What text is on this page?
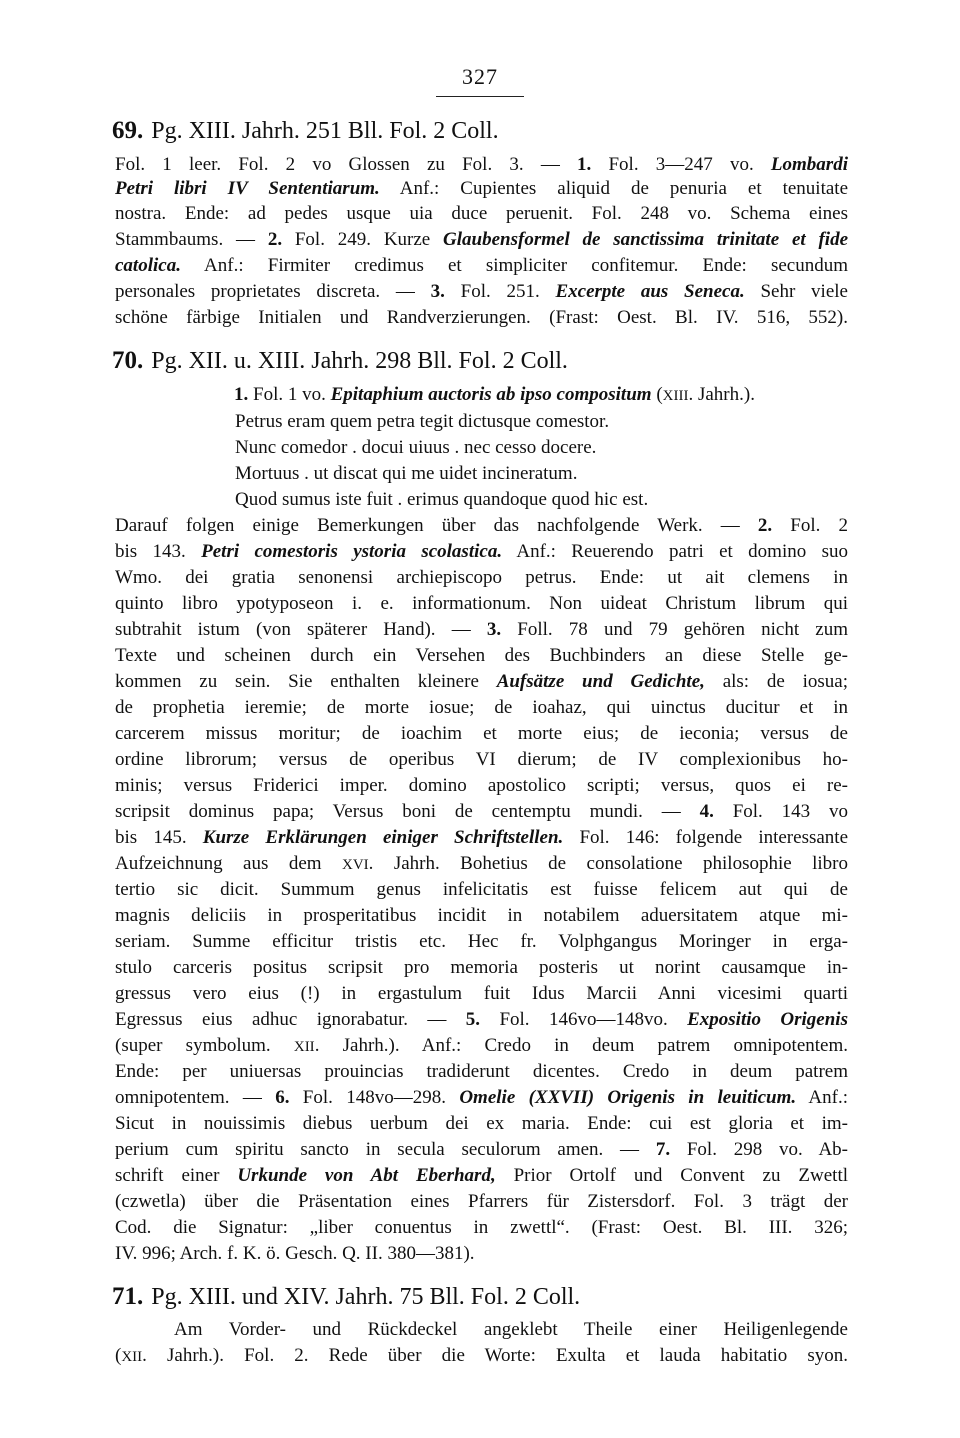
327
69. Pg. XIII. Jahrh. 251 Bll. Fol. 2 Coll.
Fol. 1 leer. Fol. 2 vo Glossen zu Fol. 3. — 1. Fol. 3—247 vo. Lombardi
Petri libri IV Sententiarum. Anf.: Cupientes aliquid de penuria et tenuitate
nostra. Ende: ad pedes usque uia duce peruenit. Fol. 248 vo. Schema eines
Stammbaums. — 2. Fol. 249. Kurze Glaubensformel de sanctissima trinitate et fide
catolica. Anf.: Firmiter credimus et simpliciter confitemur. Ende: secundum
personales proprietates discreta. — 3. Fol. 251. Excerpte aus Seneca. Sehr viele
schöne färbige Initialen und Randverzierungen. (Frast: Oest. Bl. IV. 516, 552).
70. Pg. XII. u. XIII. Jahrh. 298 Bll. Fol. 2 Coll.
1. Fol. 1 vo. Epitaphium auctoris ab ipso compositum (XIII. Jahrh.).
Petrus eram quem petra tegit dictusque comestor.
Nunc comedor . docui uiuus . nec cesso docere.
Mortuus . ut discat qui me uidet incineratum.
Quod sumus iste fuit . erimus quandoque quod hic est.
Darauf folgen einige Bemerkungen über das nachfolgende Werk. — 2. Fol. 2
bis 143. Petri comestoris ystoria scolastica. Anf.: Reuerendo patri et domino suo
Wmo. dei gratia senonensi archiepiscopo petrus. Ende: ut ait clemens in
quinto libro ypotyposeon i. e. informationum. Non uideat Christum librum qui
subtrahit istum (von späterer Hand). — 3. Foll. 78 und 79 gehören nicht zum
Texte und scheinen durch ein Versehen des Buchbinders an diese Stelle ge-
kommen zu sein. Sie enthalten kleinere Aufsätze und Gedichte, als: de iosua;
de prophetia ieremie; de morte iosue; de ioahaz, qui uinctus ducitur et in
carcerem missus moritur; de ioachim et morte eius; de ieconia; versus de
ordine librorum; versus de operibus VI dierum; de IV complexionibus ho-
minis; versus Friderici imper. domino apostolico scripti; versus, quos ei re-
scripsit dominus papa; Versus boni de centemptu mundi. — 4. Fol. 143 vo
bis 145. Kurze Erklärungen einiger Schriftstellen. Fol. 146: folgende interessante
Aufzeichnung aus dem XVI. Jahrh. Bohetius de consolatione philosophie libro
tertio sic dicit. Summum genus infelicitatis est fuisse felicem aut qui de
magnis deliciis in prosperitatibus incidit in notabilem aduersitatem atque mi-
seriam. Summe efficitur tristis etc. Hec fr. Volphgangus Moringer in erga-
stulo carceris positus scripsit pro memoria posteris ut norint causamque in-
gressus vero eius (!) in ergastulum fuit Idus Marcii Anni vicesimi quarti
Egressus eius adhuc ignorabatur. — 5. Fol. 146vo—148vo. Expositio Origenis
(super symbolum. XII. Jahrh.). Anf.: Credo in deum patrem omnipotentem.
Ende: per uniuersas prouincias tradiderunt dicentes. Credo in deum patrem
omnipotentem. — 6. Fol. 148vo—298. Omelie (XXVII) Origenis in leuiticum. Anf.:
Sicut in nouissimis diebus uerbum dei ex maria. Ende: cui est gloria et im-
perium cum spiritu sancto in secula seculorum amen. — 7. Fol. 298 vo. Ab-
schrift einer Urkunde von Abt Eberhard, Prior Ortolf und Convent zu Zwettl
(czwetla) über die Präsentation eines Pfarrers für Zistersdorf. Fol. 3 trägt der
Cod. die Signatur: „liber conuentus in zwettl“. (Frast: Oest. Bl. III. 326;
IV. 996; Arch. f. K. ö. Gesch. Q. II. 380—381).
71. Pg. XIII. und XIV. Jahrh. 75 Bll. Fol. 2 Coll.
Am Vorder- und Rückdeckel angeklebt Theile einer Heiligenlegende
(XII. Jahrh.). Fol. 2. Rede über die Worte: Exulta et lauda habitatio syon.
